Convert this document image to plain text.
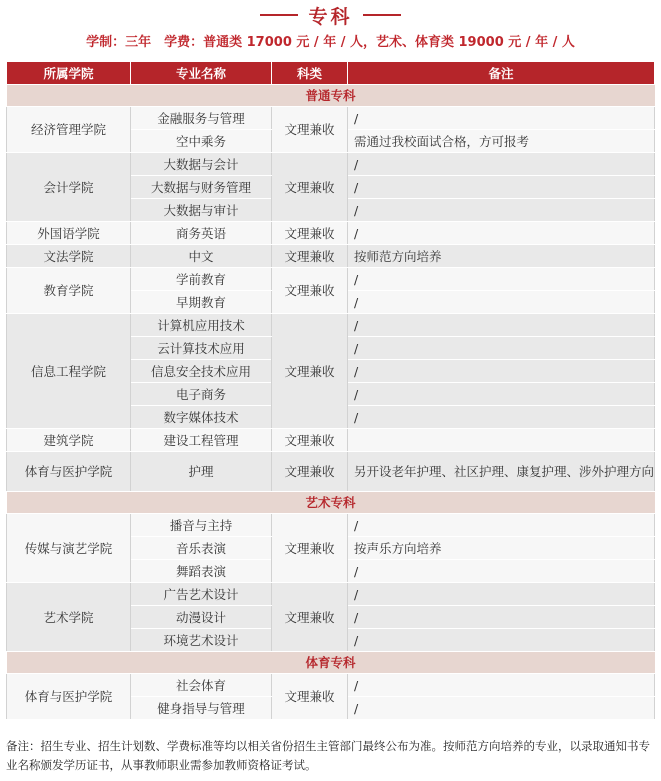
专科
学制：三年　学费：普通类 17000 元 / 年 / 人，艺术、体育类 19000 元 / 年 / 人
所属学院	专业名称	科类	备注
普通专科			
经济管理学院	金融服务与管理	文理兼收	/
	空中乘务		需通过我校面试合格，方可报考
会计学院	大数据与会计	文理兼收	/
	大数据与财务管理		/
	大数据与审计		/
外国语学院	商务英语	文理兼收	/
文法学院	中文	文理兼收	按师范方向培养
教育学院	学前教育	文理兼收	/
	早期教育		/
信息工程学院	计算机应用技术	文理兼收	/
	云计算技术应用		/
	信息安全技术应用		/
	电子商务		/
	数字媒体技术		/
建筑学院	建设工程管理	文理兼收	
体育与医护学院	护理	文理兼收	另开设老年护理、社区护理、康复护理、涉外护理方向
艺术专科			
传媒与演艺学院	播音与主持	文理兼收	/
	音乐表演		按声乐方向培养
	舞蹈表演		/
艺术学院	广告艺术设计	文理兼收	/
	动漫设计		/
	环境艺术设计		/
体育专科			
体育与医护学院	社会体育	文理兼收	/
	健身指导与管理		/
备注：招生专业、招生计划数、学费标准等均以相关省份招生主管部门最终公布为准。按师范方向培养的专业，以录取通知书专业名称颁发学历证书，从事教师职业需参加教师资格证考试。
